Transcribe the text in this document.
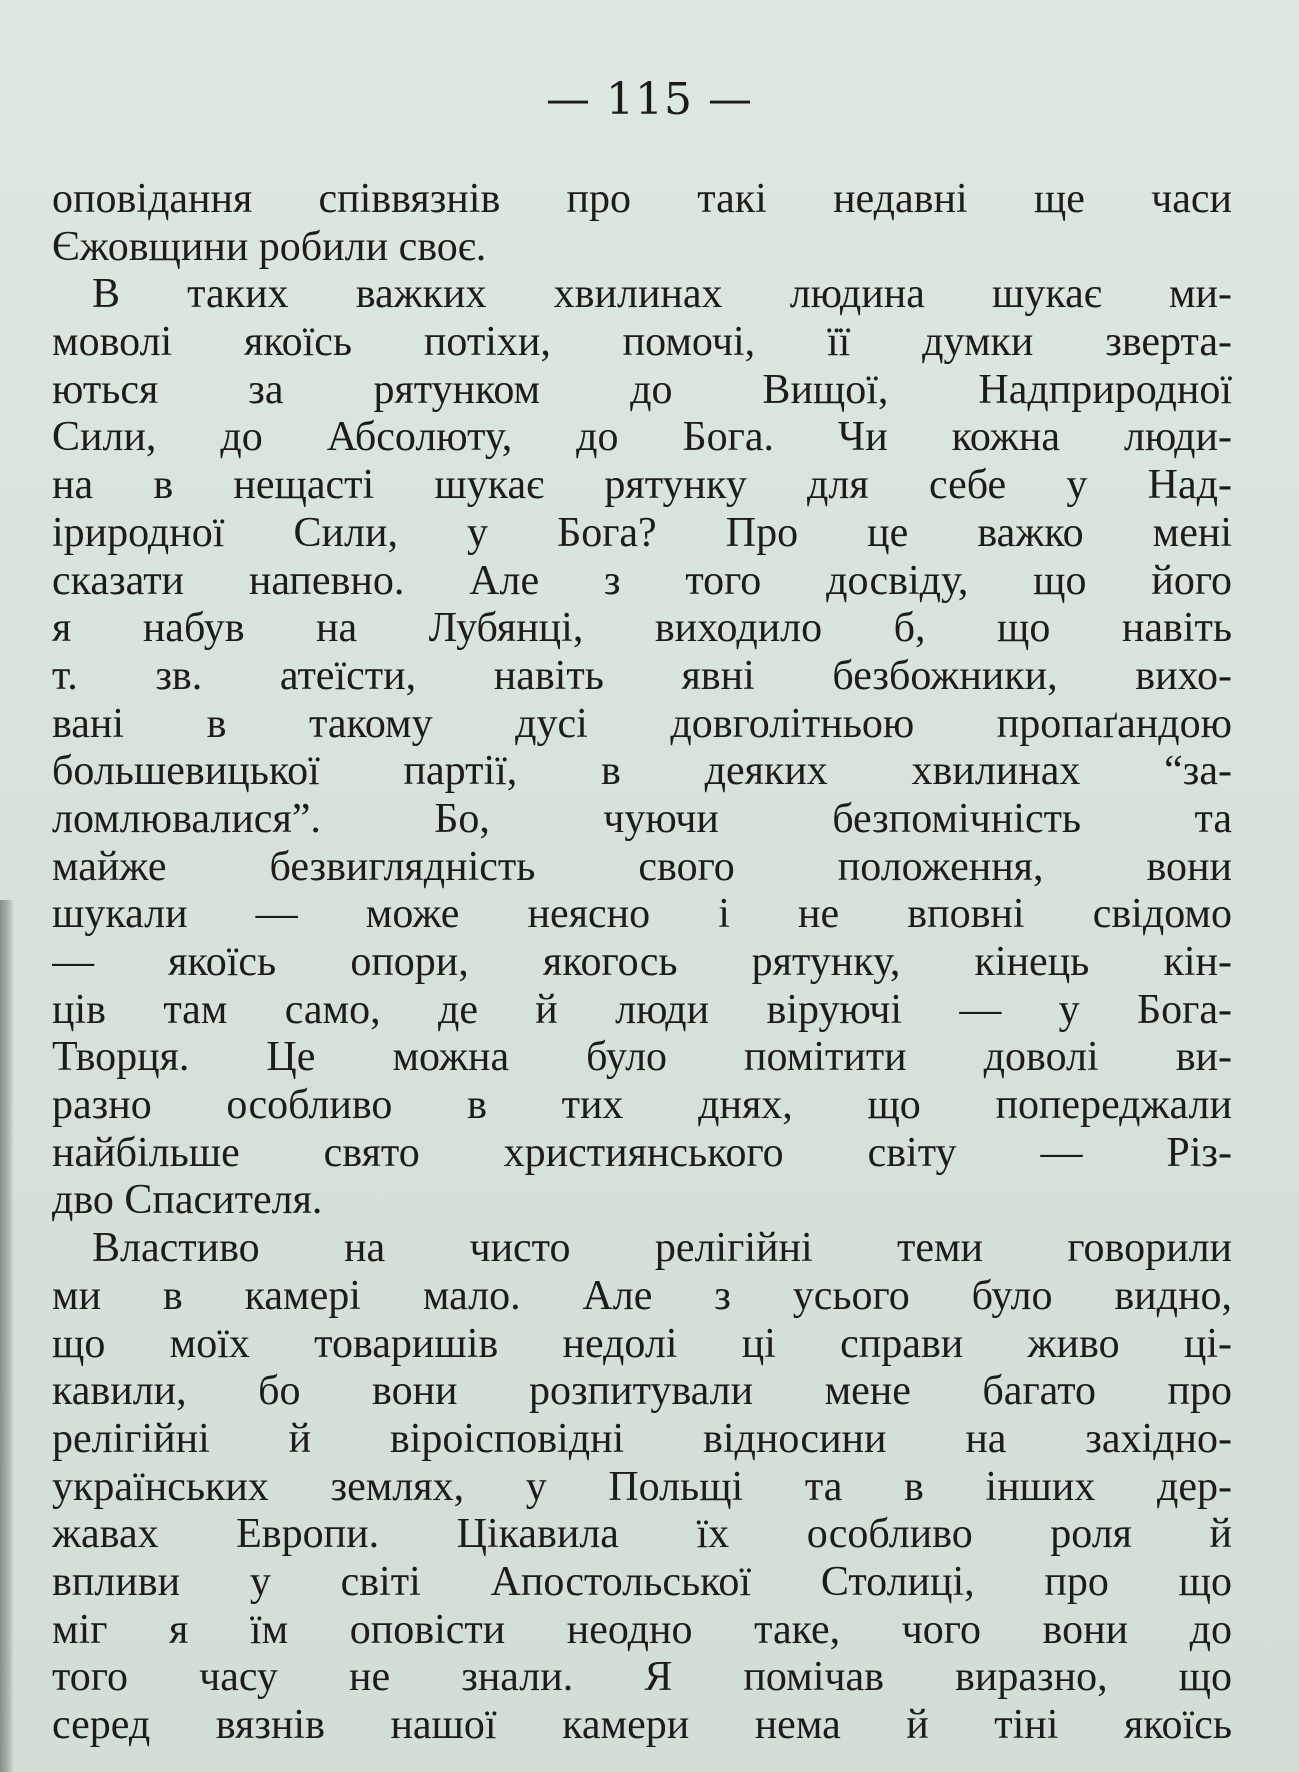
— 115 —
оповідання співвязнів про такі недавні ще часи
Єжовщини робили своє.
В таких важких хвилинах людина шукає ми-
моволі якоїсь потіхи, помочі, її думки зверта-
ються за рятунком до Вищої, Надприродної
Сили, до Абсолюту, до Бога. Чи кожна люди-
на в нещасті шукає рятунку для себе у Над-
ірироднoї Сили, у Бога? Про це важко мені
сказати напевно. Але з того досвіду, що його
я набув на Лубянці, виходило б, що навіть
т. зв. атеїсти, навіть явні безбожники, вихо-
вані в такому дусі довголітньою пропаґандою
большевицької партії, в деяких хвилинах “за-
ломлювалися”. Бо, чуючи безпомічність та
майже безвиглядність свого положення, вони
шукали — може неясно і не вповні свідомо
— якоїсь опори, якогось рятунку, кінець кін-
ців там само, де й люди віруючі — у Бога-
Творця. Це можна було помітити доволі ви-
разно особливо в тих днях, що попереджали
найбільше свято християнського світу — Різ-
дво Спасителя.
Властиво на чисто релігійні теми говорили
ми в камері мало. Але з усього було видно,
що моїх товаришів недолі ці справи живо ці-
кавили, бо вони розпитували мене багато про
релігійні й віроісповідні відносини на західно-
українських землях, у Польщі та в інших дер-
жавах Европи. Цікавила їх особливо роля й
впливи у світі Апостольської Столиці, про що
міг я їм оповісти неодно таке, чого вони до
того часу не знали. Я помічав виразно, що
серед вязнів нашої камери нема й тіні якоїсь
